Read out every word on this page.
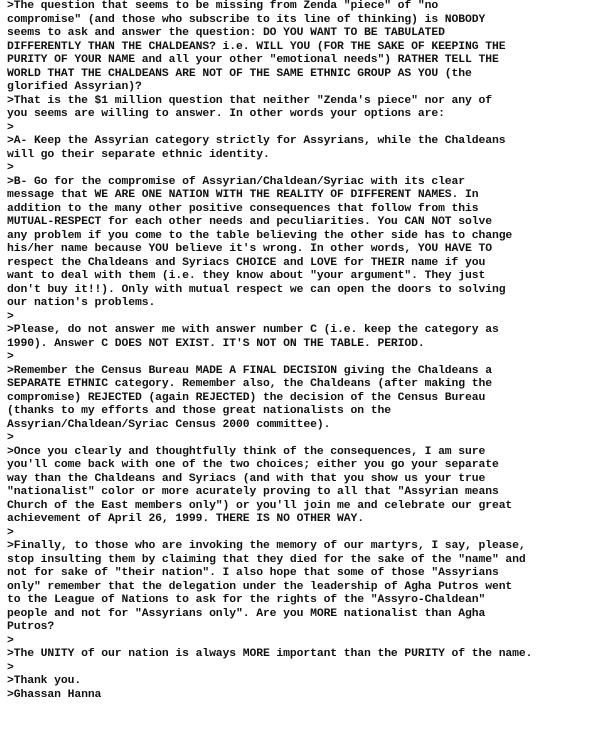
>The question that seems to be missing from Zenda "piece" of "no
compromise" (and those who subscribe to its line of thinking) is NOBODY
seems to ask and answer the question: DO YOU WANT TO BE TABULATED
DIFFERENTLY THAN THE CHALDEANS? i.e. WILL YOU (FOR THE SAKE OF KEEPING THE
PURITY OF YOUR NAME and all your other "emotional needs") RATHER TELL THE
WORLD THAT THE CHALDEANS ARE NOT OF THE SAME ETHNIC GROUP AS YOU (the
glorified Assyrian)?
>That is the $1 million question that neither "Zenda's piece" nor any of
you seems are willing to answer. In other words your options are:
>
>A- Keep the Assyrian category strictly for Assyrians, while the Chaldeans
will go their separate ethnic identity.
>
>B- Go for the compromise of Assyrian/Chaldean/Syriac with its clear
message that WE ARE ONE NATION WITH THE REALITY OF DIFFERENT NAMES. In
addition to the many other positive consequences that follow from this
MUTUAL-RESPECT for each other needs and peculiarities. You CAN NOT solve
any problem if you come to the table believing the other side has to change
his/her name because YOU believe it's wrong. In other words, YOU HAVE TO
respect the Chaldeans and Syriacs CHOICE and LOVE for THEIR name if you
want to deal with them (i.e. they know about "your argument". They just
don't buy it!!). Only with mutual respect we can open the doors to solving
our nation's problems.
>
>Please, do not answer me with answer number C (i.e. keep the category as
1990). Answer C DOES NOT EXIST. IT'S NOT ON THE TABLE. PERIOD.
>
>Remember the Census Bureau MADE A FINAL DECISION giving the Chaldeans a
SEPARATE ETHNIC category. Remember also, the Chaldeans (after making the
compromise) REJECTED (again REJECTED) the decision of the Census Bureau
(thanks to my efforts and those great nationalists on the
Assyrian/Chaldean/Syriac Census 2000 committee).
>
>Once you clearly and thoughtfully think of the consequences, I am sure
you'll come back with one of the two choices; either you go your separate
way than the Chaldeans and Syriacs (and with that you show us your true
"nationalist" color or more acurately proving to all that "Assyrian means
Church of the East members only") or you'll join me and celebrate our great
achievement of April 26, 1999. THERE IS NO OTHER WAY.
>
>Finally, to those who are invoking the memory of our martyrs, I say, please,
stop insulting them by claiming that they died for the sake of the "name" and
not for sake of "their nation". I also hope that some of those "Assyrians
only" remember that the delegation under the leadership of Agha Putros went
to the League of Nations to ask for the rights of the "Assyro-Chaldean"
people and not for "Assyrians only". Are you MORE nationalist than Agha
Putros?
>
>The UNITY of our nation is always MORE important than the PURITY of the name.
>
>Thank you.
>Ghassan Hanna
